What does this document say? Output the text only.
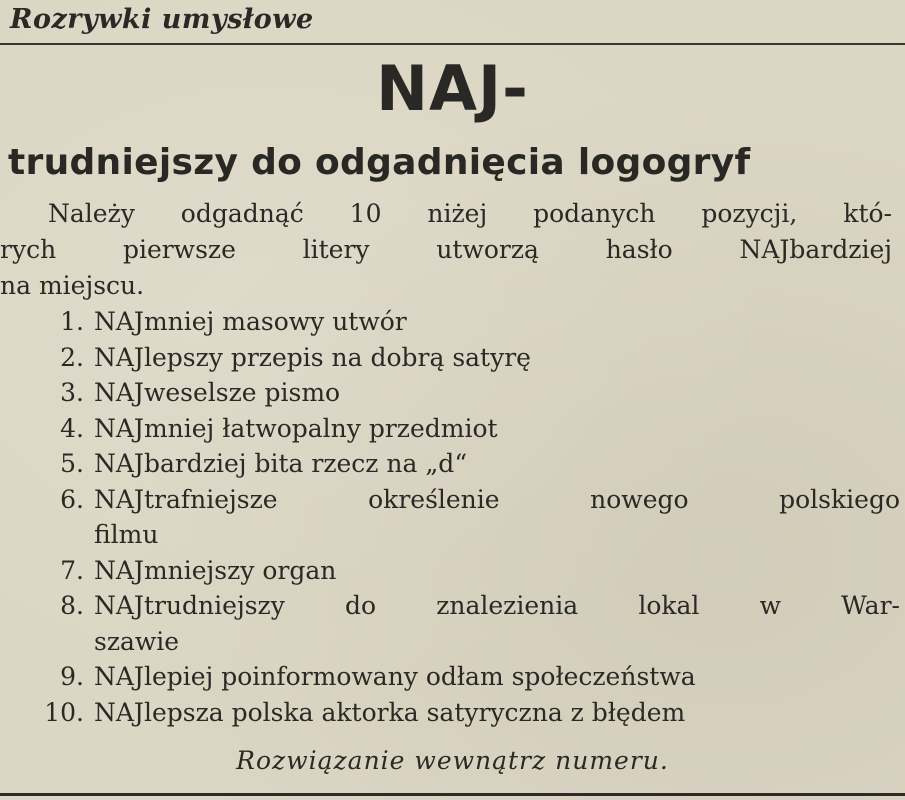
Rozrywki umysłowe
NAJ-
trudniejszy do odgadnięcia logogryf
Należy odgadnąć 10 niżej podanych pozycji, któ-
rych pierwsze litery utworzą hasło NAJbardziej
na miejscu.
1. NAJmniej masowy utwór
2. NAJlepszy przepis na dobrą satyrę
3. NAJweselsze pismo
4. NAJmniej łatwopalny przedmiot
5. NAJbardziej bita rzecz na „d“
6. NAJtrafniejsze określenie nowego polskiego
filmu
7. NAJmniejszy organ
8. NAJtrudniejszy do znalezienia lokal w War-
szawie
9. NAJlepiej poinformowany odłam społeczeństwa
10. NAJlepsza polska aktorka satyryczna z błędem
Rozwiązanie wewnątrz numeru.
